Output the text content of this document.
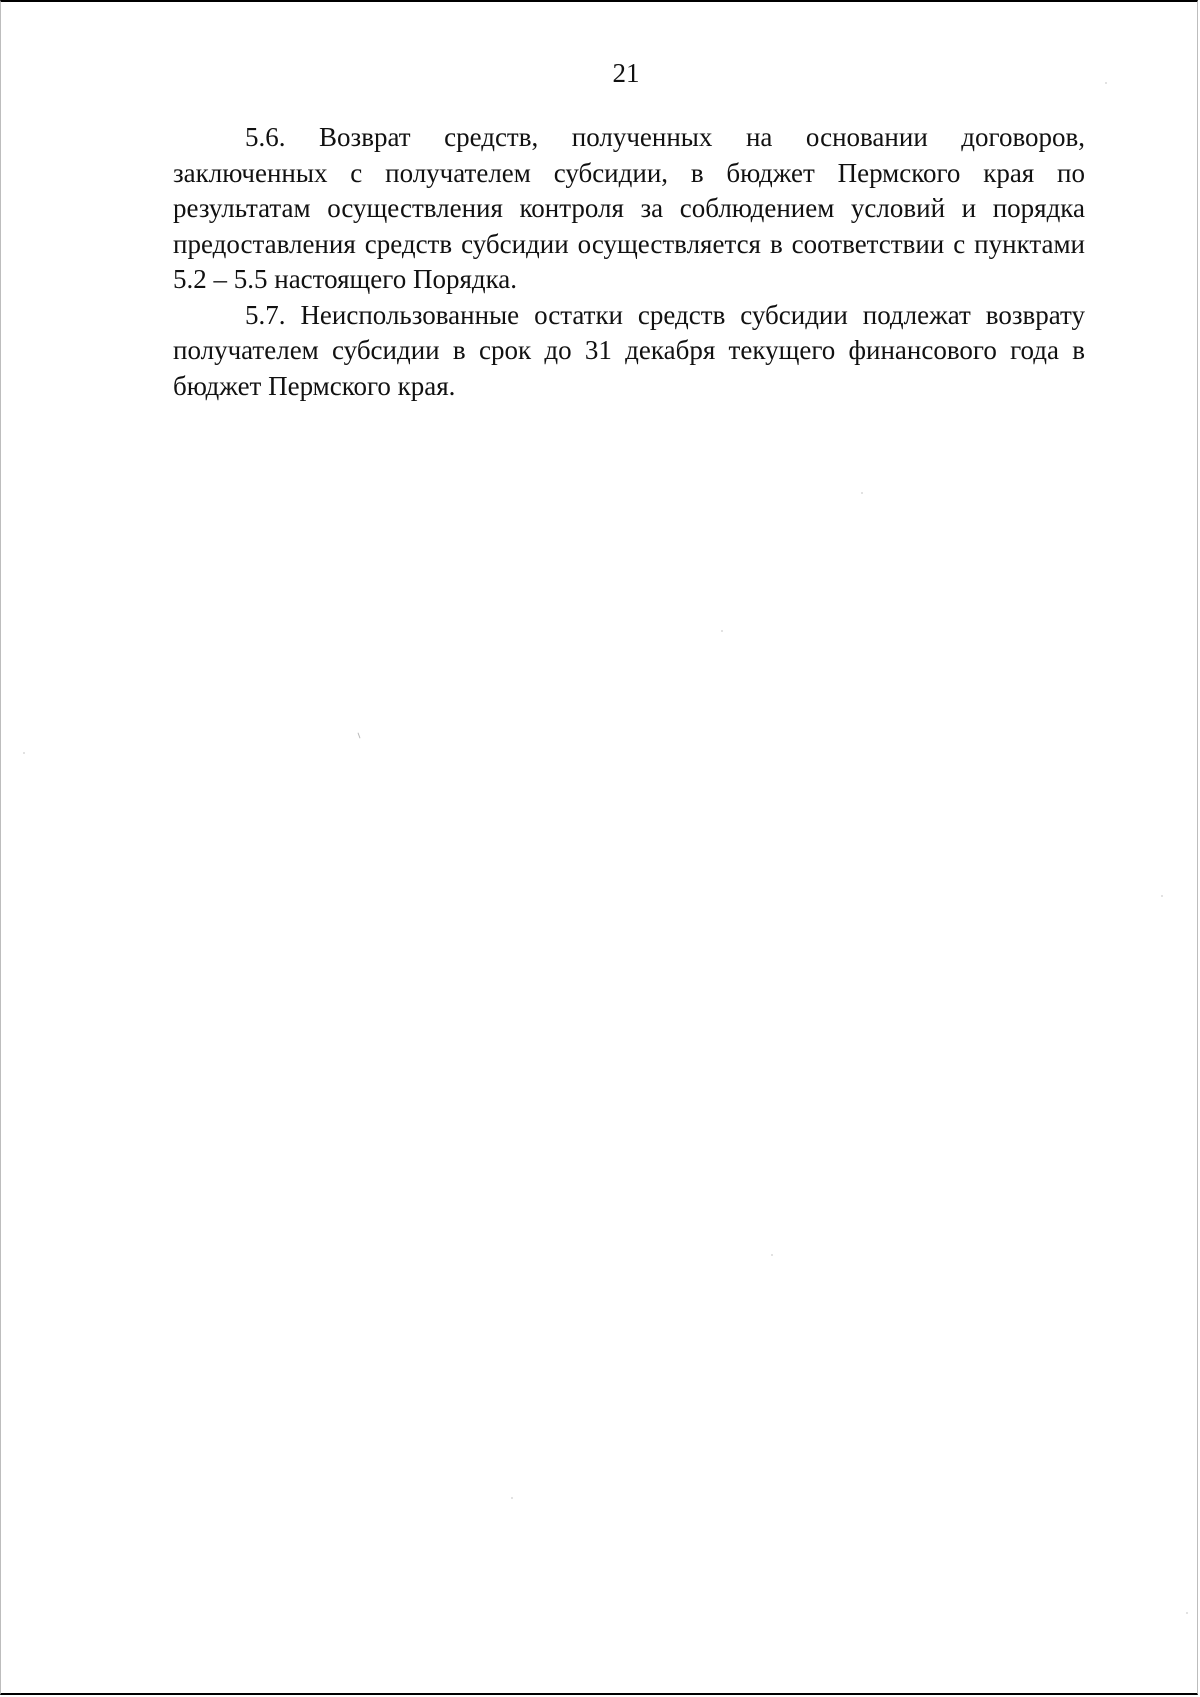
21

5.6. Возврат средств, полученных на основании договоров, заключенных с получателем субсидии, в бюджет Пермского края по результатам осуществления контроля за соблюдением условий и порядка предоставления средств субсидии осуществляется в соответствии с пунктами 5.2 – 5.5 настоящего Порядка.

5.7. Неиспользованные остатки средств субсидии подлежат возврату получателем субсидии в срок до 31 декабря текущего финансового года в бюджет Пермского края.
